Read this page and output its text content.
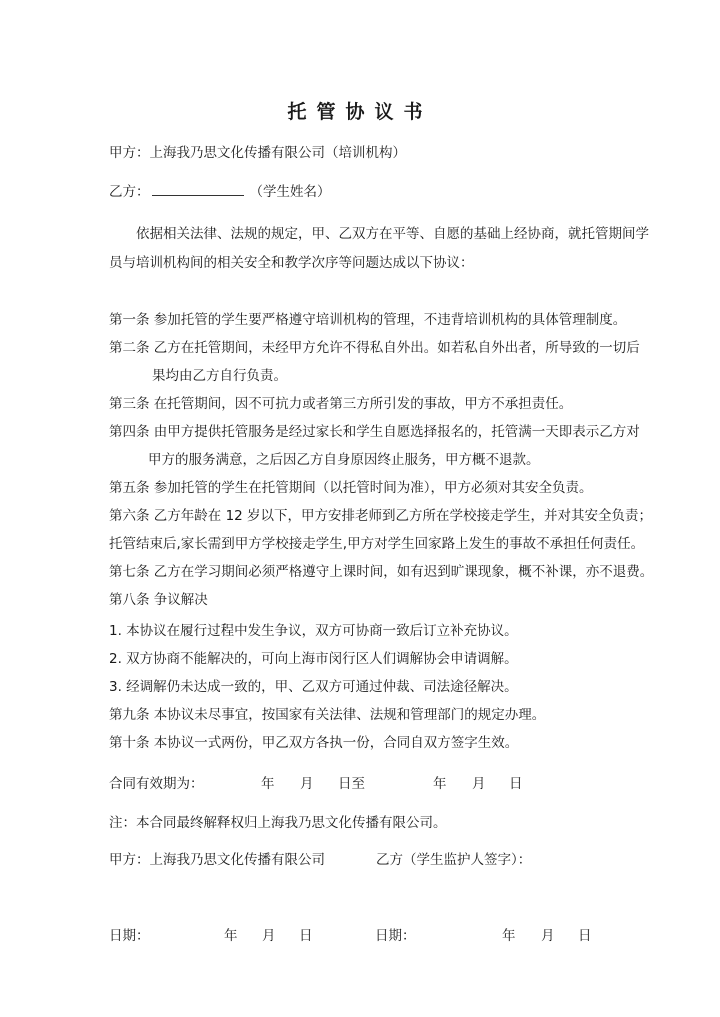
托管协议书
甲方：上海我乃思文化传播有限公司（培训机构）
乙方：	（学生姓名）
依据相关法律、法规的规定，甲、乙双方在平等、自愿的基础上经协商，就托管期间学
员与培训机构间的相关安全和教学次序等问题达成以下协议：
第一条 参加托管的学生要严格遵守培训机构的管理，不违背培训机构的具体管理制度。
第二条 乙方在托管期间，未经甲方允许不得私自外出。如若私自外出者，所导致的一切后
果均由乙方自行负责。
第三条 在托管期间，因不可抗力或者第三方所引发的事故，甲方不承担责任。
第四条 由甲方提供托管服务是经过家长和学生自愿选择报名的，托管满一天即表示乙方对
甲方的服务满意，之后因乙方自身原因终止服务，甲方概不退款。
第五条 参加托管的学生在托管期间（以托管时间为准），甲方必须对其安全负责。
第六条 乙方年龄在 12 岁以下，甲方安排老师到乙方所在学校接走学生，并对其安全负责；
托管结束后,家长需到甲方学校接走学生,甲方对学生回家路上发生的事故不承担任何责任。
第七条 乙方在学习期间必须严格遵守上课时间，如有迟到旷课现象，概不补课，亦不退费。
第八条 争议解决
1. 本协议在履行过程中发生争议，双方可协商一致后订立补充协议。
2. 双方协商不能解决的，可向上海市闵行区人们调解协会申请调解。
3. 经调解仍未达成一致的，甲、乙双方可通过仲裁、司法途径解决。
第九条 本协议未尽事宜，按国家有关法律、法规和管理部门的规定办理。
第十条 本协议一式两份，甲乙双方各执一份，合同自双方签字生效。
合同有效期为：	年 月 日至	年 月 日
注：本合同最终解释权归上海我乃思文化传播有限公司。
甲方：上海我乃思文化传播有限公司	乙方（学生监护人签字）：
日期：	年 月 日	日期：	年 月 日
